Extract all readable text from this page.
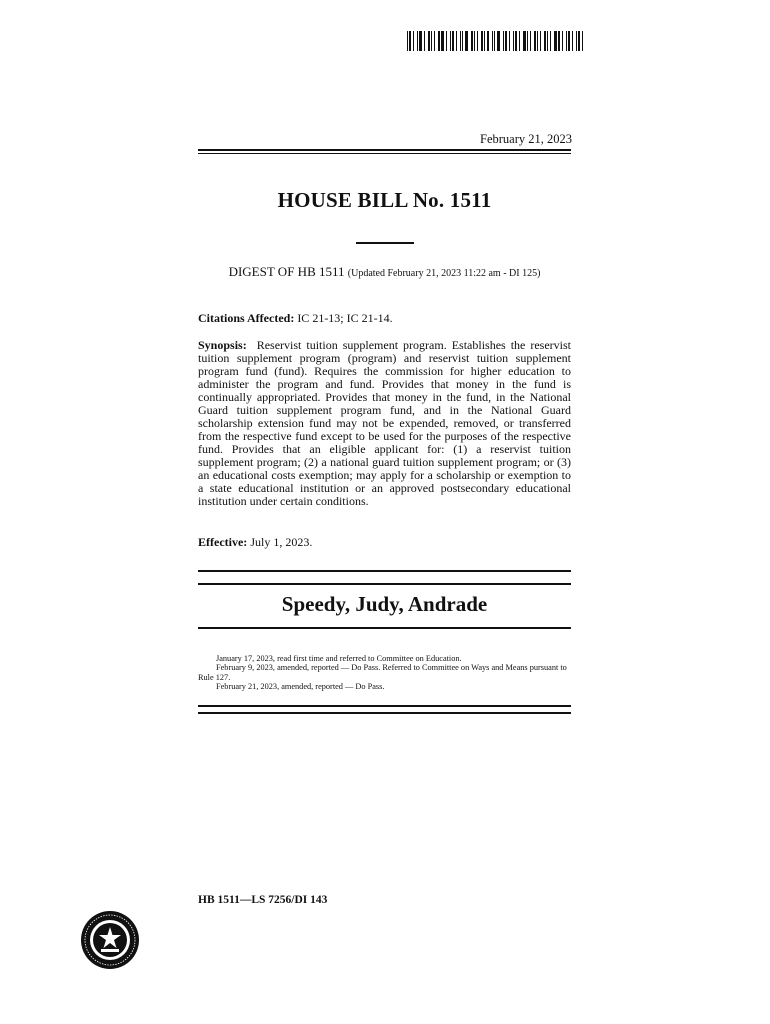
February 21, 2023
HOUSE BILL No. 1511
DIGEST OF HB 1511 (Updated February 21, 2023 11:22 am - DI 125)
Citations Affected: IC 21-13; IC 21-14.
Synopsis: Reservist tuition supplement program. Establishes the reservist tuition supplement program (program) and reservist tuition supplement program fund (fund). Requires the commission for higher education to administer the program and fund. Provides that money in the fund is continually appropriated. Provides that money in the fund, in the National Guard tuition supplement program fund, and in the National Guard scholarship extension fund may not be expended, removed, or transferred from the respective fund except to be used for the purposes of the respective fund. Provides that an eligible applicant for: (1) a reservist tuition supplement program; (2) a national guard tuition supplement program; or (3) an educational costs exemption; may apply for a scholarship or exemption to a state educational institution or an approved postsecondary educational institution under certain conditions.
Effective: July 1, 2023.
Speedy, Judy, Andrade
January 17, 2023, read first time and referred to Committee on Education.
February 9, 2023, amended, reported — Do Pass. Referred to Committee on Ways and Means pursuant to Rule 127.
February 21, 2023, amended, reported — Do Pass.
HB 1511—LS 7256/DI 143
